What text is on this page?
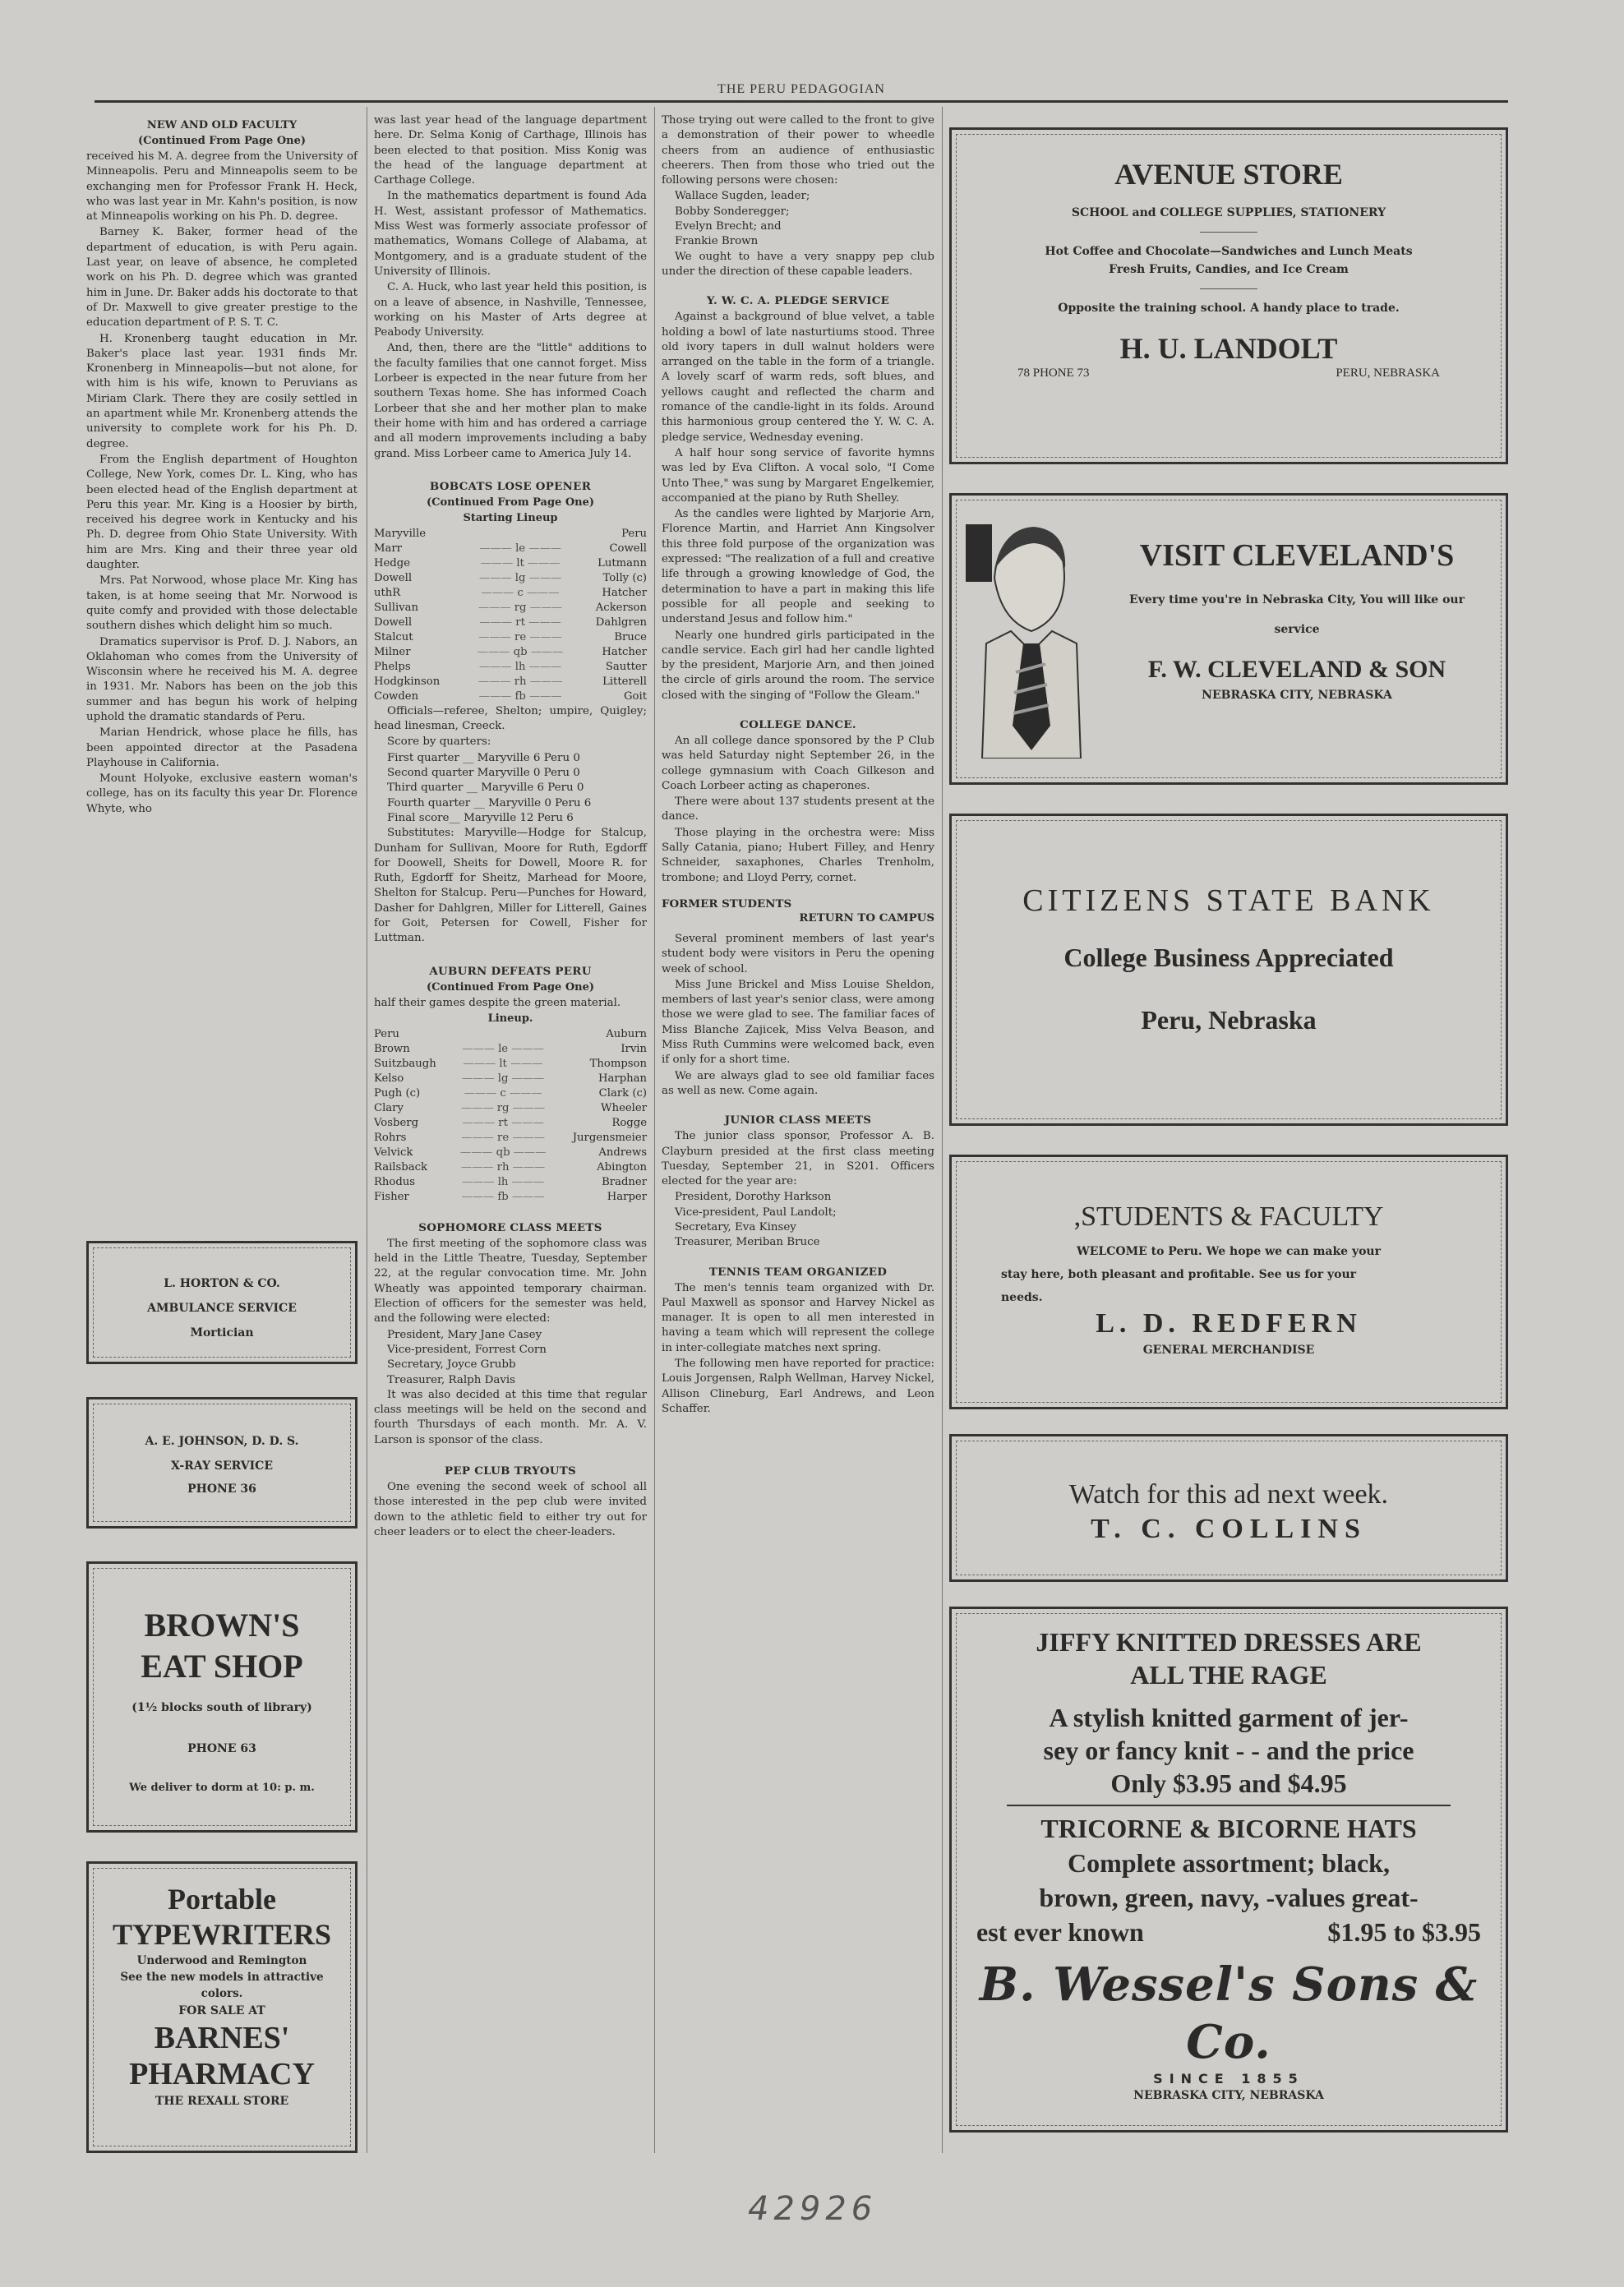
THE PERU PEDAGOGIAN
NEW AND OLD FACULTY
(Continued From Page One)

received his M. A. degree from the University of Minneapolis. Peru and Minneapolis seem to be exchanging men for Professor Frank H. Heck, who was last year in Mr. Kahn's position, is now at Minneapolis working on his Ph. D. degree.

Barney K. Baker, former head of the department of education, is with Peru again. Last year, on leave of absence, he completed work on his Ph. D. degree which was granted him in June. Dr. Baker adds his doctorate to that of Dr. Maxwell to give greater prestige to the education department of P. S. T. C.

H. Kronenberg taught education in Mr. Baker's place last year. 1931 finds Mr. Kronenberg in Minneapolis—but not alone, for with him is his wife, known to Peruvians as Miriam Clark. There they are cosily settled in an apartment while Mr. Kronenberg attends the university to complete work for his Ph. D. degree.

From the English department of Houghton College, New York, comes Dr. L. King, who has been elected head of the English department at Peru this year. Mr. King is a Hoosier by birth, received his degree work in Kentucky and his Ph. D. degree from Ohio State University. With him are Mrs. King and their three year old daughter.

Mrs. Pat Norwood, whose place Mr. King has taken, is at home seeing that Mr. Norwood is quite comfy and provided with those delectable southern dishes which delight him so much.

Dramatics supervisor is Prof. D. J. Nabors, an Oklahoman who comes from the University of Wisconsin where he received his M. A. degree in 1931. Mr. Nabors has been on the job this summer and has begun his work of helping uphold the dramatic standards of Peru.

Marian Hendrick, whose place he fills, has been appointed director at the Pasadena Playhouse in California.

Mount Holyoke, exclusive eastern woman's college, has on its faculty this year Dr. Florence Whyte, who

L. HORTON & CO.
AMBULANCE SERVICE
Mortician
A. E. JOHNSON, D. D. S.
X-RAY SERVICE
PHONE 36
BROWN'S
EAT SHOP
(1½ blocks south of library)
PHONE 63
We deliver to dorm at 10: p. m.
Portable
TYPEWRITERS
Underwood and Remington
See the new models in attractive colors.
FOR SALE AT
BARNES'
PHARMACY
THE REXALL STORE

was last year head of the language department here. Dr. Selma Konig of Carthage, Illinois has been elected to that position. Miss Konig was the head of the language department at Carthage College.

In the mathematics department is found Ada H. West, assistant professor of Mathematics. Miss West was formerly associate professor of mathematics, Womans College of Alabama, at Montgomery, and is a graduate student of the University of Illinois.

C. A. Huck, who last year held this position, is on a leave of absence, in Nashville, Tennessee, working on his Master of Arts degree at Peabody University.

And, then, there are the "little" additions to the faculty families that one cannot forget. Miss Lorbeer is expected in the near future from her southern Texas home. She has informed Coach Lorbeer that she and her mother plan to make their home with him and has ordered a carriage and all modern improvements including a baby grand. Miss Lorbeer came to America July 14.

BOBCATS LOSE OPENER
(Continued From Page One)
Starting Lineup
Maryville		Peru
Marr	——— le ———	Cowell
Hedge	——— lt ———	Lutmann
Dowell	——— lg ———	Tolly (c)
uthR	——— c ———	Hatcher
Sullivan	——— rg ———	Ackerson
Dowell	——— rt ———	Dahlgren
Stalcut	——— re ———	Bruce
Milner	——— qb ———	Hatcher
Phelps	——— lh ———	Sautter
Hodgkinson	——— rh ———	Litterell
Cowden	——— fb ———	Goit

Officials—referee, Shelton; umpire, Quigley; head linesman, Creeck.

Score by quarters:

First quarter __ Maryville 6 Peru 0
Second quarter Maryville 0 Peru 0
Third quarter __ Maryville 6 Peru 0
Fourth quarter __ Maryville 0 Peru 6
Final score__ Maryville 12 Peru 6

Substitutes: Maryville—Hodge for Stalcup, Dunham for Sullivan, Moore for Ruth, Egdorff for Doowell, Sheits for Dowell, Moore R. for Ruth, Egdorff for Sheitz, Marhead for Moore, Shelton for Stalcup. Peru—Punches for Howard, Dasher for Dahlgren, Miller for Litterell, Gaines for Goit, Petersen for Cowell, Fisher for Luttman.

AUBURN DEFEATS PERU
(Continued From Page One)

half their games despite the green material.

Lineup.
Peru		Auburn
Brown	——— le ———	Irvin
Suitzbaugh	——— lt ———	Thompson
Kelso	——— lg ———	Harphan
Pugh (c)	——— c ———	Clark (c)
Clary	——— rg ———	Wheeler
Vosberg	——— rt ———	Rogge
Rohrs	——— re ———	Jurgensmeier
Velvick	——— qb ———	Andrews
Railsback	——— rh ———	Abington
Rhodus	——— lh ———	Bradner
Fisher	——— fb ———	Harper
SOPHOMORE CLASS MEETS

The first meeting of the sophomore class was held in the Little Theatre, Tuesday, September 22, at the regular convocation time. Mr. John Wheatly was appointed temporary chairman. Election of officers for the semester was held, and the following were elected:

President, Mary Jane Casey
Vice-president, Forrest Corn
Secretary, Joyce Grubb
Treasurer, Ralph Davis

It was also decided at this time that regular class meetings will be held on the second and fourth Thursdays of each month. Mr. A. V. Larson is sponsor of the class.

PEP CLUB TRYOUTS

One evening the second week of school all those interested in the pep club were invited down to the athletic field to either try out for cheer leaders or to elect the cheer-leaders.

Those trying out were called to the front to give a demonstration of their power to wheedle cheers from an audience of enthusiastic cheerers. Then from those who tried out the following persons were chosen:

Wallace Sugden, leader;
Bobby Sonderegger;
Evelyn Brecht; and
Frankie Brown

We ought to have a very snappy pep club under the direction of these capable leaders.

Y. W. C. A. PLEDGE SERVICE

Against a background of blue velvet, a table holding a bowl of late nasturtiums stood. Three old ivory tapers in dull walnut holders were arranged on the table in the form of a triangle. A lovely scarf of warm reds, soft blues, and yellows caught and reflected the charm and romance of the candle-light in its folds. Around this harmonious group centered the Y. W. C. A. pledge service, Wednesday evening.

A half hour song service of favorite hymns was led by Eva Clifton. A vocal solo, "I Come Unto Thee," was sung by Margaret Engelkemier, accompanied at the piano by Ruth Shelley.

As the candles were lighted by Marjorie Arn, Florence Martin, and Harriet Ann Kingsolver this three fold purpose of the organization was expressed: "The realization of a full and creative life through a growing knowledge of God, the determination to have a part in making this life possible for all people and seeking to understand Jesus and follow him."

Nearly one hundred girls participated in the candle service. Each girl had her candle lighted by the president, Marjorie Arn, and then joined the circle of girls around the room. The service closed with the singing of "Follow the Gleam."

COLLEGE DANCE.

An all college dance sponsored by the P Club was held Saturday night September 26, in the college gymnasium with Coach Gilkeson and Coach Lorbeer acting as chaperones.

There were about 137 students present at the dance.

Those playing in the orchestra were: Miss Sally Catania, piano; Hubert Filley, and Henry Schneider, saxaphones, Charles Trenholm, trombone; and Lloyd Perry, cornet.

FORMER STUDENTS
RETURN TO CAMPUS

Several prominent members of last year's student body were visitors in Peru the opening week of school.

Miss June Brickel and Miss Louise Sheldon, members of last year's senior class, were among those we were glad to see. The familiar faces of Miss Blanche Zajicek, Miss Velva Beason, and Miss Ruth Cummins were welcomed back, even if only for a short time.

We are always glad to see old familiar faces as well as new. Come again.

JUNIOR CLASS MEETS

The junior class sponsor, Professor A. B. Clayburn presided at the first class meeting Tuesday, September 21, in S201. Officers elected for the year are:

President, Dorothy Harkson
Vice-president, Paul Landolt;
Secretary, Eva Kinsey
Treasurer, Meriban Bruce
TENNIS TEAM ORGANIZED

The men's tennis team organized with Dr. Paul Maxwell as sponsor and Harvey Nickel as manager. It is open to all men interested in having a team which will represent the college in inter-collegiate matches next spring.

The following men have reported for practice: Louis Jorgensen, Ralph Wellman, Harvey Nickel, Allison Clineburg, Earl Andrews, and Leon Schaffer.

AVENUE STORE
SCHOOL and COLLEGE SUPPLIES, STATIONERY
Hot Coffee and Chocolate—Sandwiches and Lunch Meats
Fresh Fruits, Candies, and Ice Cream
Opposite the training school. A handy place to trade.
H. U. LANDOLT
78 PHONE 73	PERU, NEBRASKA
VISIT CLEVELAND'S
Every time you're in Nebraska City, You will like our
service
F. W. CLEVELAND & SON
NEBRASKA CITY, NEBRASKA
CITIZENS STATE BANK
College Business Appreciated
Peru, Nebraska
,STUDENTS & FACULTY
WELCOME to Peru. We hope we can make your
stay here, both pleasant and profitable. See us for your
needs.
L. D. REDFERN
GENERAL MERCHANDISE
Watch for this ad next week.
T. C. COLLINS
JIFFY KNITTED DRESSES ARE
ALL THE RAGE
A stylish knitted garment of jer-
sey or fancy knit - - and the price
Only $3.95 and $4.95
TRICORNE & BICORNE HATS
Complete assortment; black,
brown, green, navy, -values great-
est ever known	$1.95 to $3.95
B. Wessel's Sons & Co.
SINCE 1855
NEBRASKA CITY, NEBRASKA
42926
